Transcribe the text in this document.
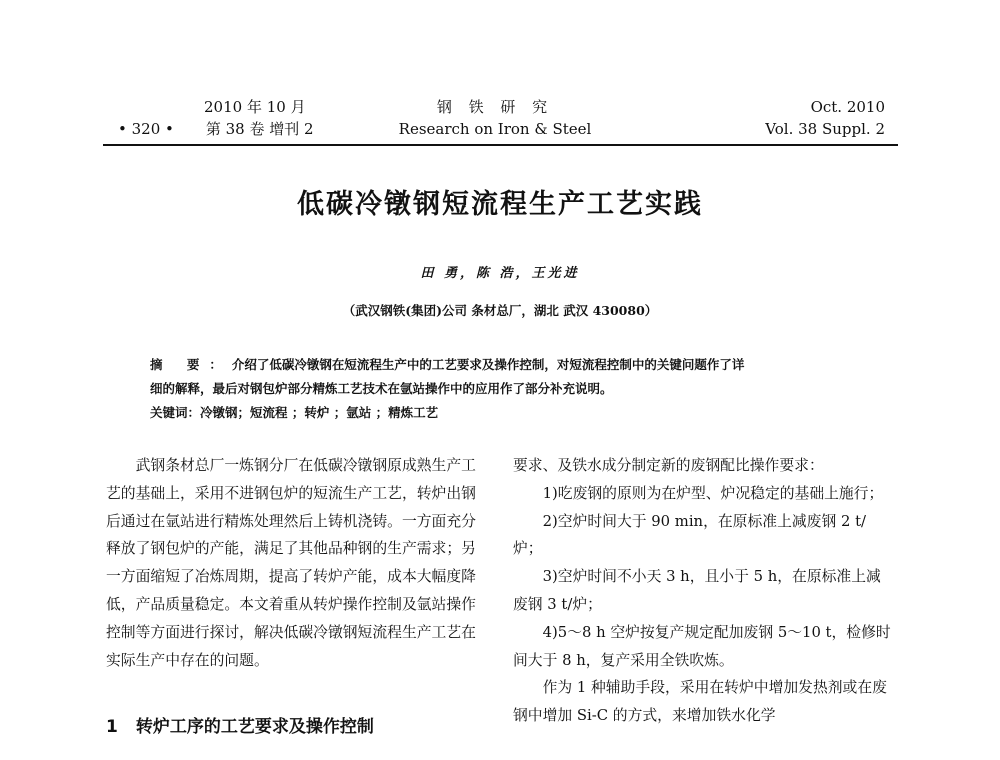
2010 年 10 月
• 320 • 第 38 卷 增刊 2
钢 铁 研 究
Research on Iron & Steel
Oct. 2010
Vol. 38 Suppl. 2
低碳冷镦钢短流程生产工艺实践
田 勇，陈 浩，王光进
（武汉钢铁(集团)公司 条材总厂，湖北 武汉 430080）
摘 要：介绍了低碳冷镦钢在短流程生产中的工艺要求及操作控制，对短流程控制中的关键问题作了详
细的解释，最后对钢包炉部分精炼工艺技术在氩站操作中的应用作了部分补充说明。
关键词：冷镦钢；短流程 ；转炉 ；氩站 ；精炼工艺

武钢条材总厂一炼钢分厂在低碳冷镦钢原成熟生产工艺的基础上，采用不进钢包炉的短流生产工艺，转炉出钢后通过在氩站进行精炼处理然后上铸机浇铸。一方面充分释放了钢包炉的产能，满足了其他品种钢的生产需求；另一方面缩短了冶炼周期，提高了转炉产能，成本大幅度降低，产品质量稳定。本文着重从转炉操作控制及氩站操作控制等方面进行探讨，解决低碳冷镦钢短流程生产工艺在实际生产中存在的问题。

1 转炉工序的工艺要求及操作控制

要求、及铁水成分制定新的废钢配比操作要求：

1)吃废钢的原则为在炉型、炉况稳定的基础上施行；

2)空炉时间大于 90 min，在原标准上减废钢 2 t/炉；

3)空炉时间不小天 3 h，且小于 5 h，在原标准上减废钢 3 t/炉；

4)5～8 h 空炉按复产规定配加废钢 5～10 t，检修时间大于 8 h，复产采用全铁吹炼。

作为 1 种辅助手段，采用在转炉中增加发热剂或在废钢中增加 Si-C 的方式，来增加铁水化学
